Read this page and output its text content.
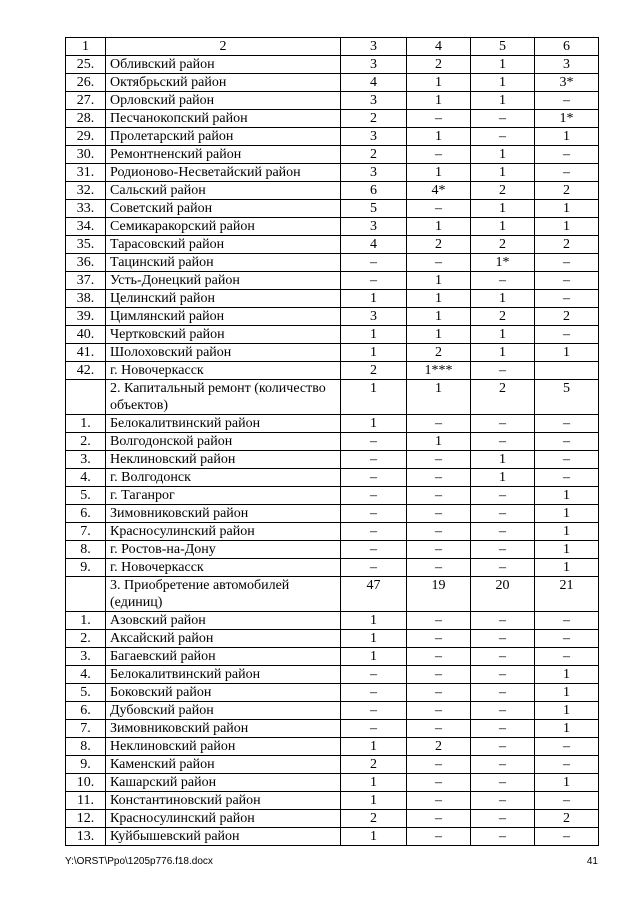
1	2	3	4	5	6
25.	Обливский район	3	2	1	3
26.	Октябрьский район	4	1	1	3*
27.	Орловский район	3	1	1	–
28.	Песчанокопский район	2	–	–	1*
29.	Пролетарский район	3	1	–	1
30.	Ремонтненский район	2	–	1	–
31.	Родионово-Несветайский район	3	1	1	–
32.	Сальский район	6	4*	2	2
33.	Советский район	5	–	1	1
34.	Семикаракорский район	3	1	1	1
35.	Тарасовский район	4	2	2	2
36.	Тацинский район	–	–	1*	–
37.	Усть-Донецкий район	–	1	–	–
38.	Целинский район	1	1	1	–
39.	Цимлянский район	3	1	2	2
40.	Чертковский район	1	1	1	–
41.	Шолоховский район	1	2	1	1
42.	г. Новочеркасск	2	1***	–	
	2. Капитальный ремонт (количество объектов)	1	1	2	5
1.	Белокалитвинский район	1	–	–	–
2.	Волгодонской район	–	1	–	–
3.	Неклиновский район	–	–	1	–
4.	г. Волгодонск	–	–	1	–
5.	г. Таганрог	–	–	–	1
6.	Зимовниковский район	–	–	–	1
7.	Красносулинский район	–	–	–	1
8.	г. Ростов-на-Дону	–	–	–	1
9.	г. Новочеркасск	–	–	–	1
	3. Приобретение автомобилей (единиц)	47	19	20	21
1.	Азовский район	1	–	–	–
2.	Аксайский район	1	–	–	–
3.	Багаевский район	1	–	–	–
4.	Белокалитвинский район	–	–	–	1
5.	Боковский район	–	–	–	1
6.	Дубовский район	–	–	–	1
7.	Зимовниковский район	–	–	–	1
8.	Неклиновский район	1	2	–	–
9.	Каменский район	2	–	–	–
10.	Кашарский район	1	–	–	1
11.	Константиновский район	1	–	–	–
12.	Красносулинский район	2	–	–	2
13.	Куйбышевский район	1	–	–	–
Y:\ORST\Ppo\1205p776.f18.docx	41
